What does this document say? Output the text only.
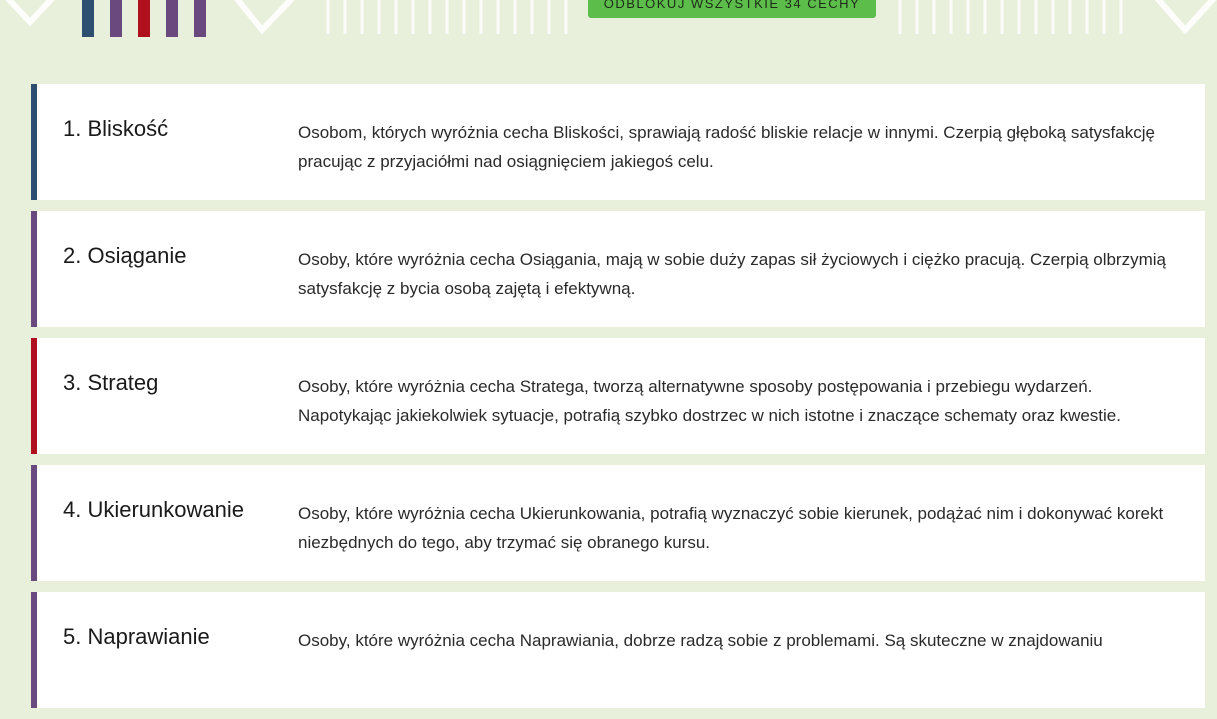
ODBLOKUJ WSZYSTKIE 34 CECHY
1. Bliskość	Osobom, których wyróżnia cecha Bliskości, sprawiają radość bliskie relacje w innymi. Czerpią głęboką satysfakcję pracując z przyjaciółmi nad osiągnięciem jakiegoś celu.
2. Osiąganie	Osoby, które wyróżnia cecha Osiągania, mają w sobie duży zapas sił życiowych i ciężko pracują. Czerpią olbrzymią satysfakcję z bycia osobą zajętą i efektywną.
3. Strateg	Osoby, które wyróżnia cecha Stratega, tworzą alternatywne sposoby postępowania i przebiegu wydarzeń. Napotykając jakiekolwiek sytuacje, potrafią szybko dostrzec w nich istotne i znaczące schematy oraz kwestie.
4. Ukierunkowanie	Osoby, które wyróżnia cecha Ukierunkowania, potrafią wyznaczyć sobie kierunek, podążać nim i dokonywać korekt niezbędnych do tego, aby trzymać się obranego kursu.
5. Naprawianie	Osoby, które wyróżnia cecha Naprawiania, dobrze radzą sobie z problemami. Są skuteczne w znajdowaniu
